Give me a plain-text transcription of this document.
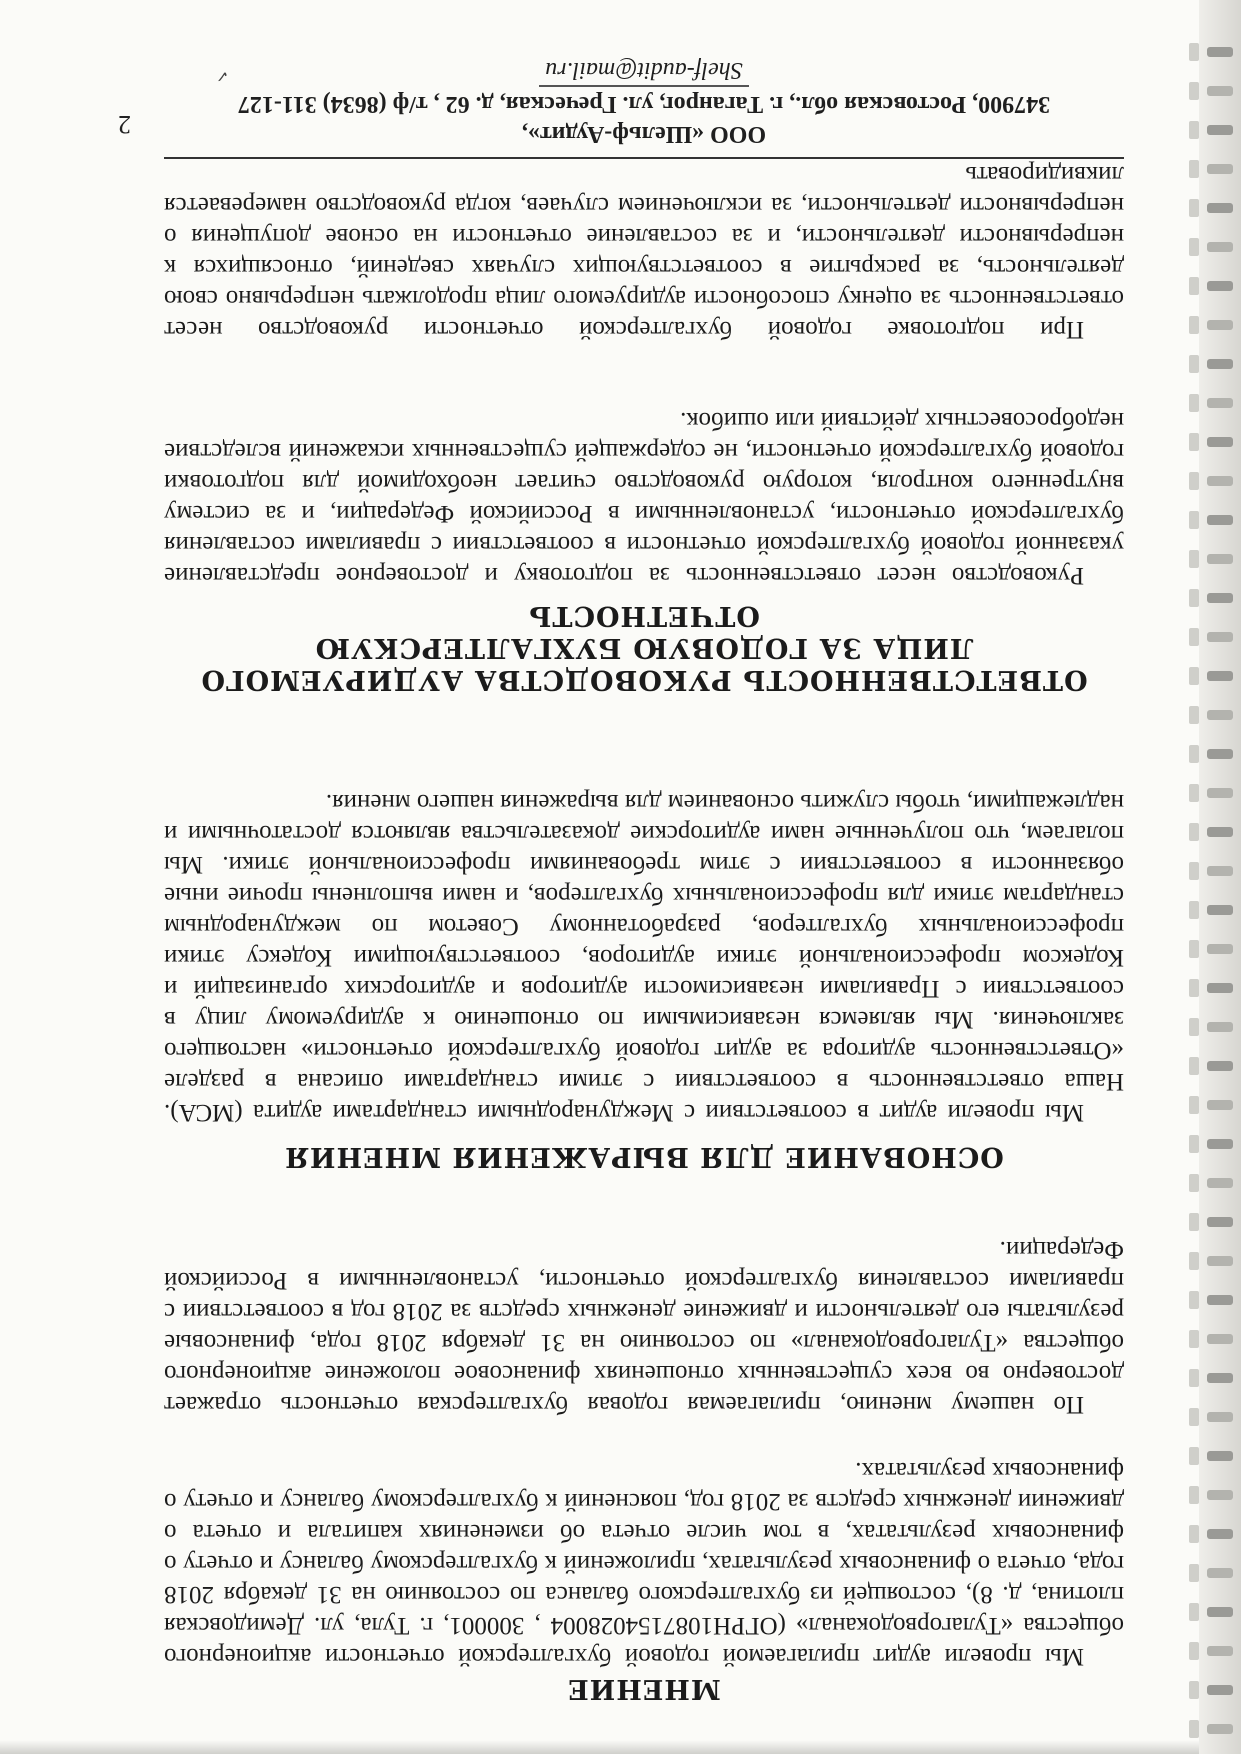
МНЕНИЕ

Мы провели аудит прилагаемой годовой бухгалтерской отчетности акционерного общества «Тулагорводоканал» (ОГРН1087154028004 , 300001, г. Тула, ул. Демидовская плотина, д. 8), состоящей из бухгалтерского баланса по состоянию на 31 декабря 2018 года, отчета о финансовых результатах, приложений к бухгалтерскому балансу и отчету о финансовых результатах, в том числе отчета об изменениях капитала и отчета о движении денежных средств за 2018 год, пояснений к бухгалтерскому балансу и отчету о финансовых результатах.

По нашему мнению, прилагаемая годовая бухгалтерская отчетность отражает достоверно во всех существенных отношениях финансовое положение акционерного общества «Тулагорводоканал» по состоянию на 31 декабря 2018 года, финансовые результаты его деятельности и движение денежных средств за 2018 год в соответствии с правилами составления бухгалтерской отчетности, установленными в Российской Федерации.

ОСНОВАНИЕ ДЛЯ ВЫРАЖЕНИЯ МНЕНИЯ

Мы провели аудит в соответствии с Международными стандартами аудита (МСА). Наша ответственность в соответствии с этими стандартами описана в разделе «Ответственность аудитора за аудит годовой бухгалтерской отчетности» настоящего заключения. Мы являемся независимыми по отношению к аудируемому лицу в соответствии с Правилами независимости аудиторов и аудиторских организаций и Кодексом профессиональной этики аудиторов, соответствующими Кодексу этики профессиональных бухгалтеров, разработанному Советом по международным стандартам этики для профессиональных бухгалтеров, и нами выполнены прочие иные обязанности в соответствии с этим требованиями профессиональной этики. Мы полагаем, что полученные нами аудиторские доказательства являются достаточными и надлежащими, чтобы служить основанием для выражения нашего мнения.

ОТВЕТСТВЕННОСТЬ РУКОВОДСТВА АУДИРУЕМОГО ЛИЦА ЗА ГОДОВУЮ БУХГАЛТЕРСКУЮ ОТЧЕТНОСТЬ

Руководство несет ответственность за подготовку и достоверное представление указанной годовой бухгалтерской отчетности в соответствии с правилами составления бухгалтерской отчетности, установленными в Российской Федерации, и за систему внутреннего контроля, которую руководство считает необходимой для подготовки годовой бухгалтерской отчетности, не содержащей существенных искажений вследствие недобросовестных действий или ошибок.

При подготовке годовой бухгалтерской отчетности руководство несет ответственность за оценку способности аудируемого лица продолжать непрерывно свою деятельность, за раскрытие в соответствующих случаях сведений, относящихся к непрерывности деятельности, и за составление отчетности на основе допущения о непрерывности деятельности, за исключением случаев, когда руководство намеревается ликвидировать

ООО «Шельф-Аудит»,
347900, Ростовская обл., г. Таганрог, ул. Греческая, д. 62 , т/ф (8634) 311-127
Shelf-audit@mail.ru
2
✓
